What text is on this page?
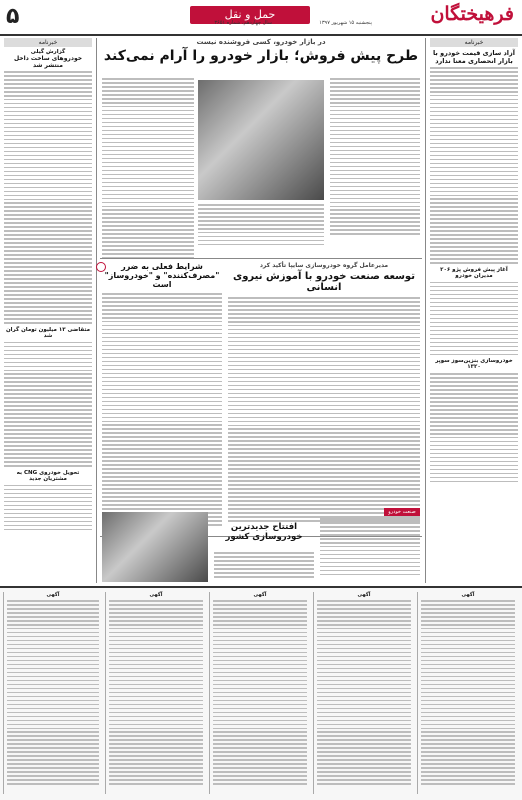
فرهیختگان
۵	حمل و نقل
سال چهاردهم، شماره ۳۶۵۱	پنجشنبه ۱۵ شهریور ۱۳۹۷
خبرنامه
آزاد سازی قیمت خودرو با بازار انحصاری معنا ندارد
آغاز پیش فروش پژو ۲۰۶ مدیران خودرو
خودروسازی بنزین‌سوز سوپر ۱۳۲۰
خبرنامه
گزارش گیلی
خودروهای ساخت داخل منتشر شد
متقاضی ۱۳ میلیون تومان گران شد
تحویل خودروی CNG به مشتریان جدید
در بازار خودرو، کسی فروشنده نیست
طرح پیش فروش؛ بازار خودرو را آرام نمی‌کند
شرایط فعلی به ضرر "مصرف‌کننده" و "خودروساز" است
مدیرعامل گروه خودروسازی سایپا تأکید کرد
توسعه صنعت خودرو با آموزش نیروی انسانی
صنعت خودرو
افتتاح جدیدترین خودروسازی کشور
آگهی
آگهی
آگهی
آگهی
آگهی
